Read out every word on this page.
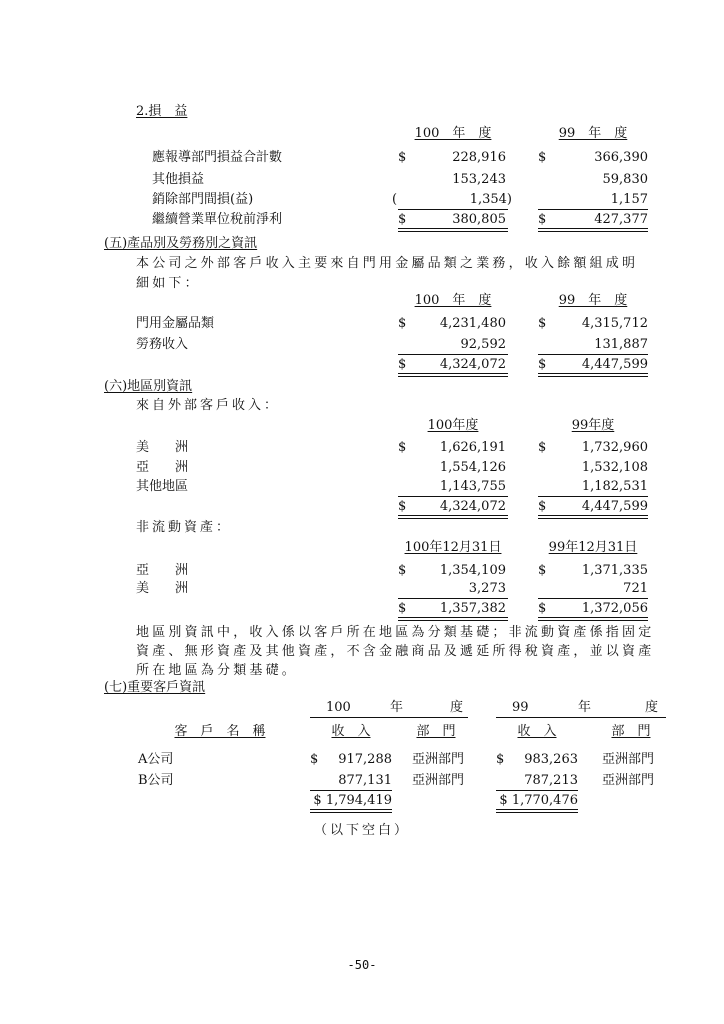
2.損　益
100　年　度	99　年　度
應報導部門損益合計數	$	228,916 $	366,390
其他損益	153,243	59,830
銷除部門間損(益)	(	1,354)	1,157
繼續營業單位稅前淨利	$	380,805 $	427,377
(五)產品別及勞務別之資訊
本公司之外部客戶收入主要來自門用金屬品類之業務，收入餘額組成明
細如下：
100　年　度	99　年　度
門用金屬品類	$	4,231,480 $	4,315,712
勞務收入	92,592	131,887
$	4,324,072 $	4,447,599
(六)地區別資訊
來自外部客戶收入：
100年度	99年度
美　　洲	$	1,626,191 $	1,732,960
亞　　洲	1,554,126	1,532,108
其他地區	1,143,755	1,182,531
$	4,324,072 $	4,447,599
非流動資產：
100年12月31日	99年12月31日
亞　　洲	$	1,354,109 $	1,371,335
美　　洲	3,273	721
$	1,357,382 $	1,372,056
地區別資訊中，收入係以客戶所在地區為分類基礎；非流動資產係指固定
資產、無形資產及其他資產，不含金融商品及遞延所得稅資產，並以資產
所在地區為分類基礎。
(七)重要客戶資訊
100	年	度	99	年	度
客　戶　名　稱	收　入	部　門	收　入	部　門
A公司	$	917,288 亞洲部門 $	983,263 亞洲部門
B公司	877,131 亞洲部門	787,213 亞洲部門
$ 1,794,419	$ 1,770,476
（以下空白）
-50-
